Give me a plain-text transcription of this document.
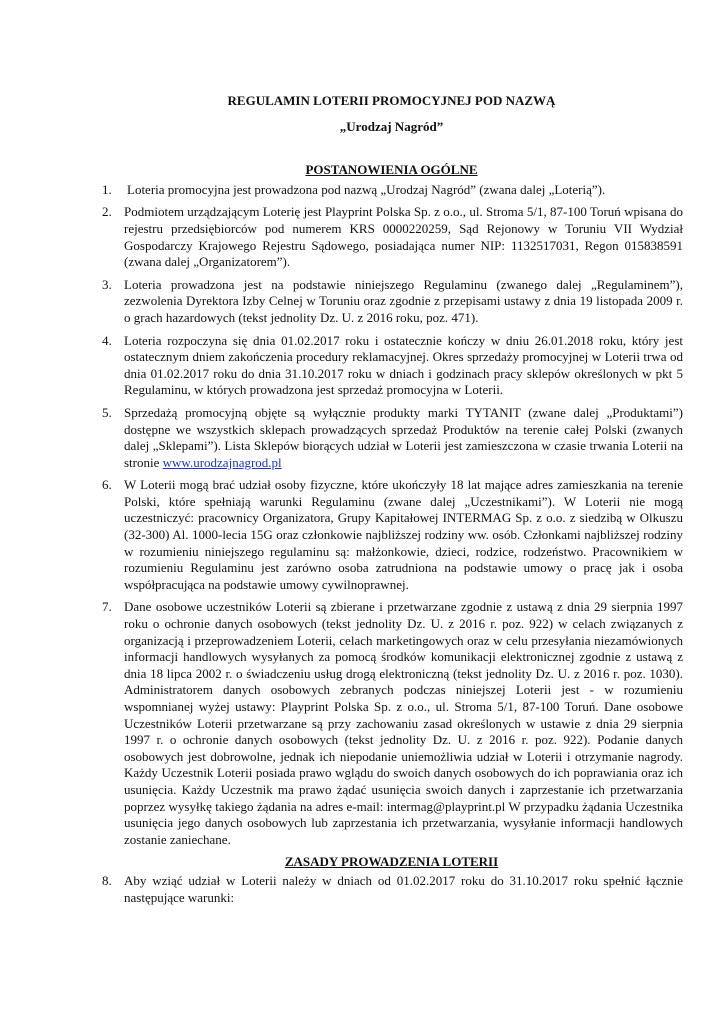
REGULAMIN LOTERII PROMOCYJNEJ POD NAZWĄ

„Urodzaj Nagród”

POSTANOWIENIA OGÓLNE

1. Loteria promocyjna jest prowadzona pod nazwą „Urodzaj Nagród” (zwana dalej „Loterią”).
2. Podmiotem urządzającym Loterię jest Playprint Polska Sp. z o.o., ul. Stroma 5/1, 87-100 Toruń wpisana do rejestru przedsiębiorców pod numerem KRS 0000220259, Sąd Rejonowy w Toruniu VII Wydział Gospodarczy Krajowego Rejestru Sądowego, posiadająca numer NIP: 1132517031, Regon 015838591 (zwana dalej „Organizatorem”).
3. Loteria prowadzona jest na podstawie niniejszego Regulaminu (zwanego dalej „Regulaminem”), zezwolenia Dyrektora Izby Celnej w Toruniu oraz zgodnie z przepisami ustawy z dnia 19 listopada 2009 r. o grach hazardowych (tekst jednolity Dz. U. z 2016 roku, poz. 471).
4. Loteria rozpoczyna się dnia 01.02.2017 roku i ostatecznie kończy w dniu 26.01.2018 roku, który jest ostatecznym dniem zakończenia procedury reklamacyjnej. Okres sprzedaży promocyjnej w Loterii trwa od dnia 01.02.2017 roku do dnia 31.10.2017 roku w dniach i godzinach pracy sklepów określonych w pkt 5 Regulaminu, w których prowadzona jest sprzedaż promocyjna w Loterii.
5. Sprzedażą promocyjną objęte są wyłącznie produkty marki TYTANIT (zwane dalej „Produktami”) dostępne we wszystkich sklepach prowadzących sprzedaż Produktów na terenie całej Polski (zwanych dalej „Sklepami”). Lista Sklepów biorących udział w Loterii jest zamieszczona w czasie trwania Loterii na stronie www.urodzajnagrod.pl
6. W Loterii mogą brać udział osoby fizyczne, które ukończyły 18 lat mające adres zamieszkania na terenie Polski, które spełniają warunki Regulaminu (zwane dalej „Uczestnikami”). W Loterii nie mogą uczestniczyć: pracownicy Organizatora, Grupy Kapitałowej INTERMAG Sp. z o.o. z siedzibą w Olkuszu (32-300) Al. 1000-lecia 15G oraz członkowie najbliższej rodziny ww. osób. Członkami najbliższej rodziny w rozumieniu niniejszego regulaminu są: małżonkowie, dzieci, rodzice, rodzeństwo. Pracownikiem w rozumieniu Regulaminu jest zarówno osoba zatrudniona na podstawie umowy o pracę jak i osoba współpracująca na podstawie umowy cywilnoprawnej.
7. Dane osobowe uczestników Loterii są zbierane i przetwarzane zgodnie z ustawą z dnia 29 sierpnia 1997 roku o ochronie danych osobowych (tekst jednolity Dz. U. z 2016 r. poz. 922) w celach związanych z organizacją i przeprowadzeniem Loterii, celach marketingowych oraz w celu przesyłania niezamówionych informacji handlowych wysyłanych za pomocą środków komunikacji elektronicznej zgodnie z ustawą z dnia 18 lipca 2002 r. o świadczeniu usług drogą elektroniczną (tekst jednolity Dz. U. z 2016 r. poz. 1030). Administratorem danych osobowych zebranych podczas niniejszej Loterii jest - w rozumieniu wspomnianej wyżej ustawy: Playprint Polska Sp. z o.o., ul. Stroma 5/1, 87-100 Toruń. Dane osobowe Uczestników Loterii przetwarzane są przy zachowaniu zasad określonych w ustawie z dnia 29 sierpnia 1997 r. o ochronie danych osobowych (tekst jednolity Dz. U. z 2016 r. poz. 922). Podanie danych osobowych jest dobrowolne, jednak ich niepodanie uniemożliwia udział w Loterii i otrzymanie nagrody. Każdy Uczestnik Loterii posiada prawo wglądu do swoich danych osobowych do ich poprawiania oraz ich usunięcia. Każdy Uczestnik ma prawo żądać usunięcia swoich danych i zaprzestanie ich przetwarzania poprzez wysyłkę takiego żądania na adres e-mail: intermag@playprint.pl W przypadku żądania Uczestnika usunięcia jego danych osobowych lub zaprzestania ich przetwarzania, wysyłanie informacji handlowych zostanie zaniechane.

ZASADY PROWADZENIA LOTERII

8. Aby wziąć udział w Loterii należy w dniach od 01.02.2017 roku do 31.10.2017 roku spełnić łącznie następujące warunki:
